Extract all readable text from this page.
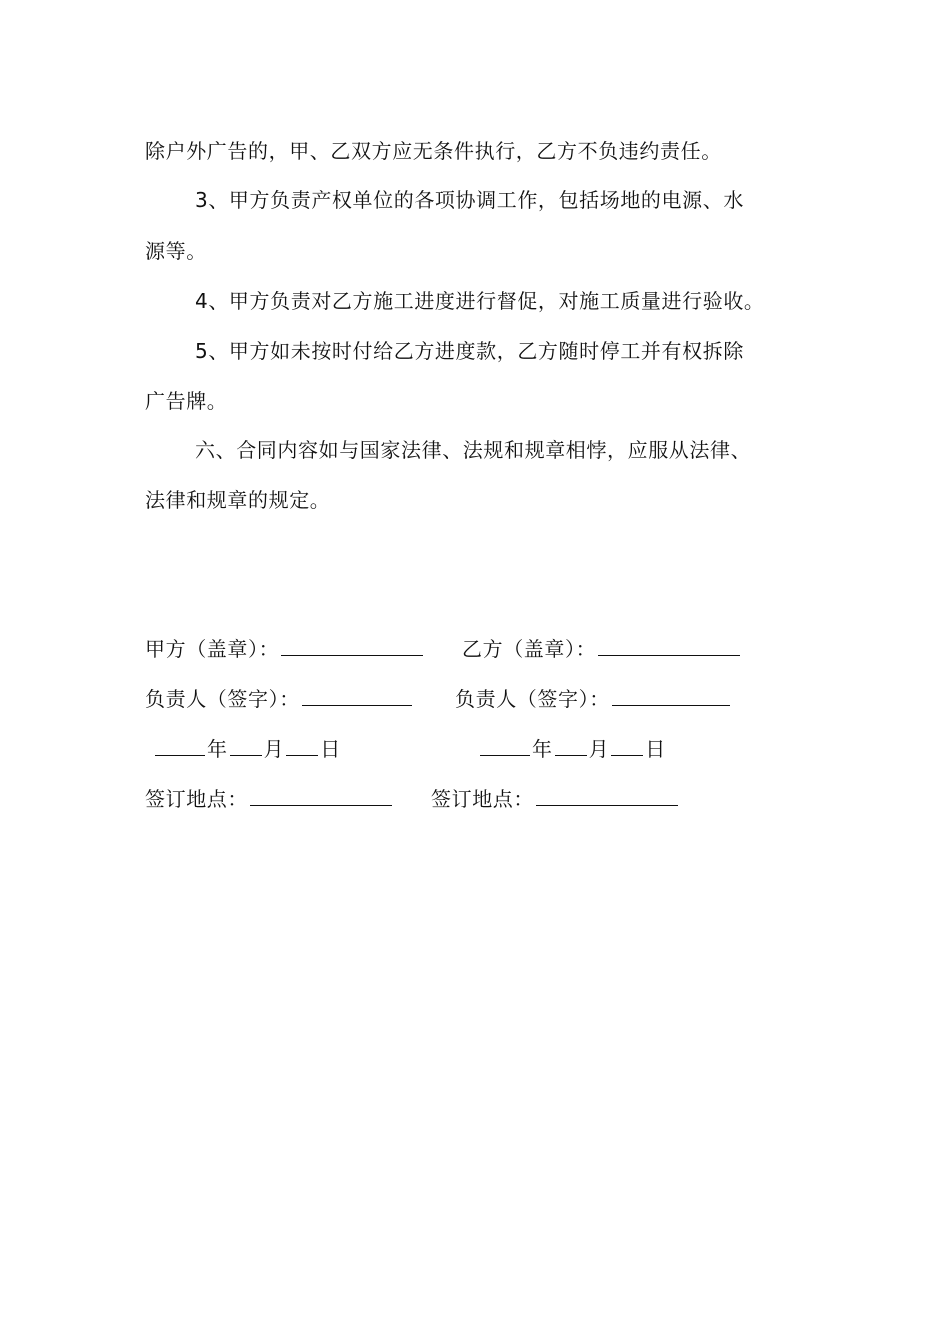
除户外广告的，甲、乙双方应无条件执行，乙方不负违约责任。
3、甲方负责产权单位的各项协调工作，包括场地的电源、水
源等。
4、甲方负责对乙方施工进度进行督促，对施工质量进行验收。
5、甲方如未按时付给乙方进度款，乙方随时停工并有权拆除
广告牌。
六、合同内容如与国家法律、法规和规章相悖，应服从法律、
法律和规章的规定。
甲方（盖章）：	乙方（盖章）：
负责人（签字）：	负责人（签字）：
年 月 日	年 月 日
签订地点：	签订地点：
